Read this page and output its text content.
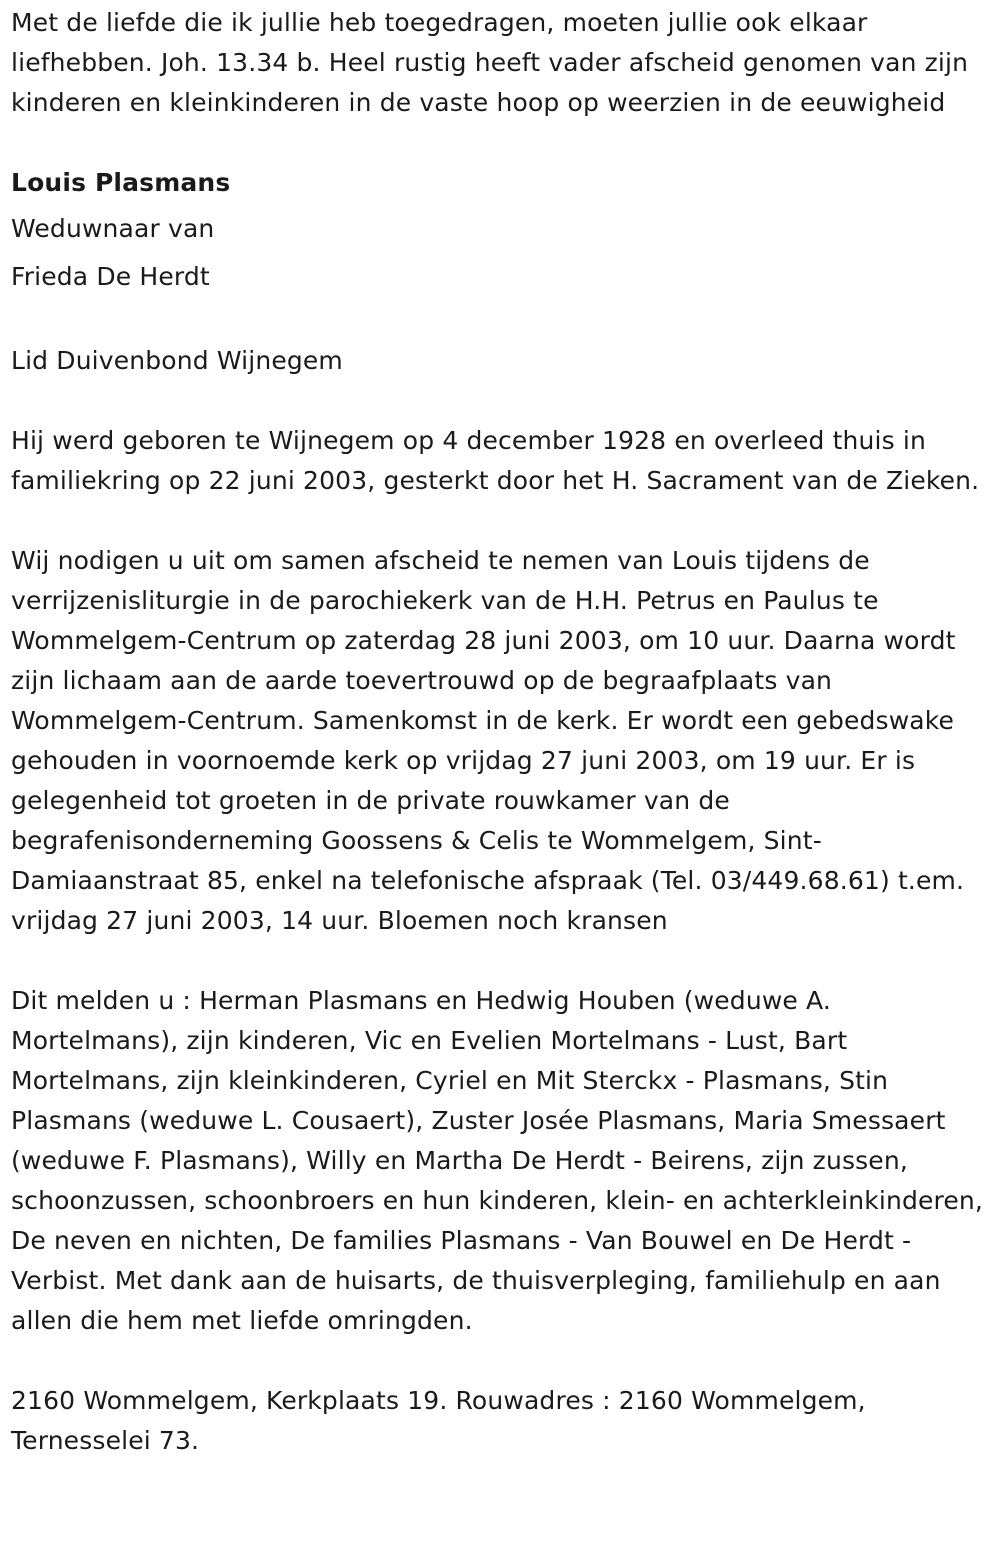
Met de liefde die ik jullie heb toegedragen, moeten jullie ook elkaar liefhebben. Joh. 13.34 b. Heel rustig heeft vader afscheid genomen van zijn kinderen en kleinkinderen in de vaste hoop op weerzien in de eeuwigheid

Louis Plasmans

Weduwnaar van

Frieda De Herdt

Lid Duivenbond Wijnegem

Hij werd geboren te Wijnegem op 4 december 1928 en overleed thuis in familiekring op 22 juni 2003, gesterkt door het H. Sacrament van de Zieken.

Wij nodigen u uit om samen afscheid te nemen van Louis tijdens de verrijzenisliturgie in de parochiekerk van de H.H. Petrus en Paulus te Wommelgem-Centrum op zaterdag 28 juni 2003, om 10 uur. Daarna wordt zijn lichaam aan de aarde toevertrouwd op de begraafplaats van Wommelgem-Centrum. Samenkomst in de kerk. Er wordt een gebedswake gehouden in voornoemde kerk op vrijdag 27 juni 2003, om 19 uur. Er is gelegenheid tot groeten in de private rouwkamer van de begrafenisonderneming Goossens & Celis te Wommelgem, Sint-Damiaanstraat 85, enkel na telefonische afspraak (Tel. 03/449.68.61) t.em. vrijdag 27 juni 2003, 14 uur. Bloemen noch kransen

Dit melden u : Herman Plasmans en Hedwig Houben (weduwe A. Mortelmans), zijn kinderen, Vic en Evelien Mortelmans - Lust, Bart Mortelmans, zijn kleinkinderen, Cyriel en Mit Sterckx - Plasmans, Stin Plasmans (weduwe L. Cousaert), Zuster Josée Plasmans, Maria Smessaert (weduwe F. Plasmans), Willy en Martha De Herdt - Beirens, zijn zussen, schoonzussen, schoonbroers en hun kinderen, klein- en achterkleinkinderen, De neven en nichten, De families Plasmans - Van Bouwel en De Herdt - Verbist. Met dank aan de huisarts, de thuisverpleging, familiehulp en aan allen die hem met liefde omringden.

2160 Wommelgem, Kerkplaats 19. Rouwadres : 2160 Wommelgem, Ternesselei 73.
